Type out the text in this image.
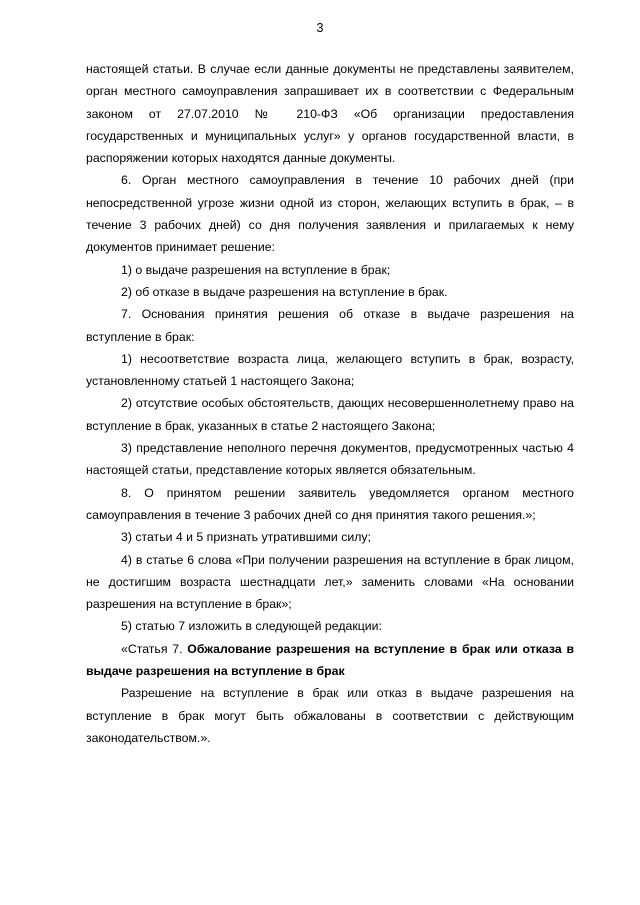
3

настоящей статьи. В случае если данные документы не представлены заявителем, орган местного самоуправления запрашивает их в соответствии с Федеральным законом от 27.07.2010 № 210-ФЗ «Об организации предоставления государственных и муниципальных услуг» у органов государственной власти, в распоряжении которых находятся данные документы.

6. Орган местного самоуправления в течение 10 рабочих дней (при непосредственной угрозе жизни одной из сторон, желающих вступить в брак, – в течение 3 рабочих дней) со дня получения заявления и прилагаемых к нему документов принимает решение:

1) о выдаче разрешения на вступление в брак;

2) об отказе в выдаче разрешения на вступление в брак.

7. Основания принятия решения об отказе в выдаче разрешения на вступление в брак:

1) несоответствие возраста лица, желающего вступить в брак, возрасту, установленному статьей 1 настоящего Закона;

2) отсутствие особых обстоятельств, дающих несовершеннолетнему право на вступление в брак, указанных в статье 2 настоящего Закона;

3) представление неполного перечня документов, предусмотренных частью 4 настоящей статьи, представление которых является обязательным.

8. О принятом решении заявитель уведомляется органом местного самоуправления в течение 3 рабочих дней со дня принятия такого решения.»;

3) статьи 4 и 5 признать утратившими силу;

4) в статье 6 слова «При получении разрешения на вступление в брак лицом, не достигшим возраста шестнадцати лет,» заменить словами «На основании разрешения на вступление в брак»;

5) статью 7 изложить в следующей редакции:

«Статья 7. Обжалование разрешения на вступление в брак или отказа в выдаче разрешения на вступление в брак

Разрешение на вступление в брак или отказ в выдаче разрешения на вступление в брак могут быть обжалованы в соответствии с действующим законодательством.».
